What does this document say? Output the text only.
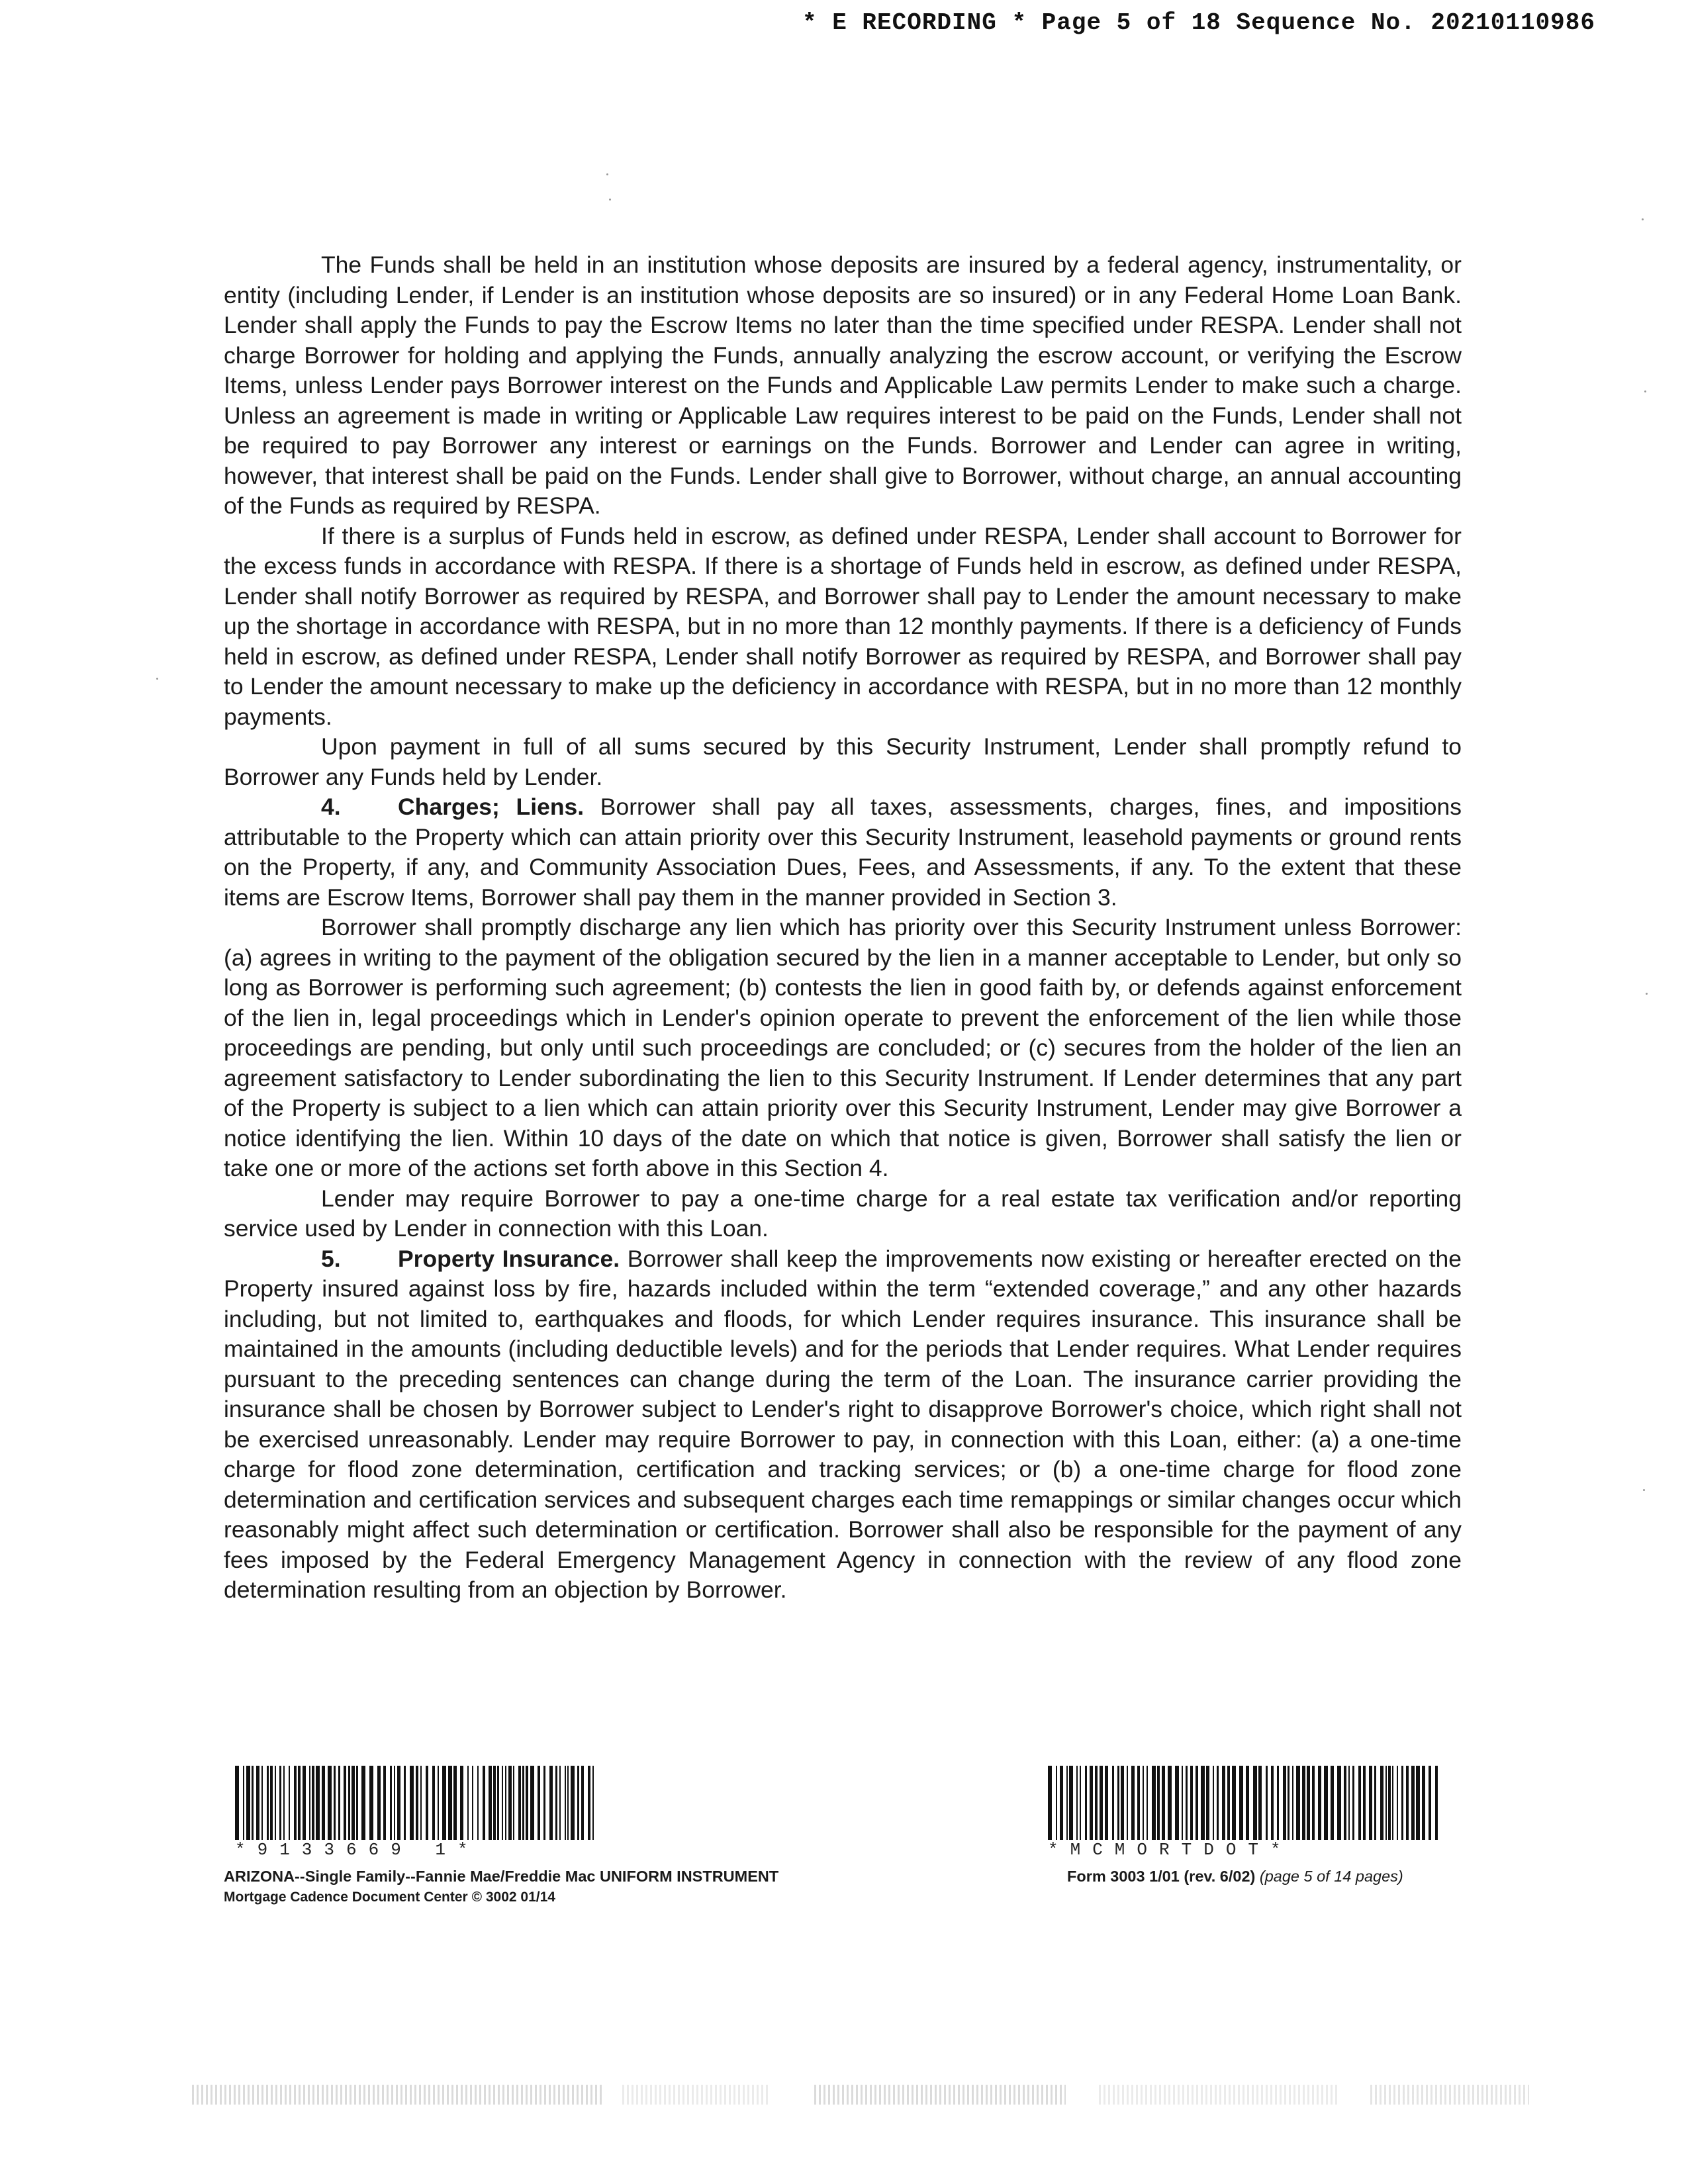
* E RECORDING * Page 5 of 18 Sequence No. 20210110986

The Funds shall be held in an institution whose deposits are insured by a federal agency, instrumentality, or entity (including Lender, if Lender is an institution whose deposits are so insured) or in any Federal Home Loan Bank. Lender shall apply the Funds to pay the Escrow Items no later than the time specified under RESPA. Lender shall not charge Borrower for holding and applying the Funds, annually analyzing the escrow account, or verifying the Escrow Items, unless Lender pays Borrower interest on the Funds and Applicable Law permits Lender to make such a charge. Unless an agreement is made in writing or Applicable Law requires interest to be paid on the Funds, Lender shall not be required to pay Borrower any interest or earnings on the Funds. Borrower and Lender can agree in writing, however, that interest shall be paid on the Funds. Lender shall give to Borrower, without charge, an annual accounting of the Funds as required by RESPA.

If there is a surplus of Funds held in escrow, as defined under RESPA, Lender shall account to Borrower for the excess funds in accordance with RESPA. If there is a shortage of Funds held in escrow, as defined under RESPA, Lender shall notify Borrower as required by RESPA, and Borrower shall pay to Lender the amount necessary to make up the shortage in accordance with RESPA, but in no more than 12 monthly payments. If there is a deficiency of Funds held in escrow, as defined under RESPA, Lender shall notify Borrower as required by RESPA, and Borrower shall pay to Lender the amount necessary to make up the deficiency in accordance with RESPA, but in no more than 12 monthly payments.

Upon payment in full of all sums secured by this Security Instrument, Lender shall promptly refund to Borrower any Funds held by Lender.

4. Charges; Liens. Borrower shall pay all taxes, assessments, charges, fines, and impositions attributable to the Property which can attain priority over this Security Instrument, leasehold payments or ground rents on the Property, if any, and Community Association Dues, Fees, and Assessments, if any. To the extent that these items are Escrow Items, Borrower shall pay them in the manner provided in Section 3.

Borrower shall promptly discharge any lien which has priority over this Security Instrument unless Borrower: (a) agrees in writing to the payment of the obligation secured by the lien in a manner acceptable to Lender, but only so long as Borrower is performing such agreement; (b) contests the lien in good faith by, or defends against enforcement of the lien in, legal proceedings which in Lender's opinion operate to prevent the enforcement of the lien while those proceedings are pending, but only until such proceedings are concluded; or (c) secures from the holder of the lien an agreement satisfactory to Lender subordinating the lien to this Security Instrument. If Lender determines that any part of the Property is subject to a lien which can attain priority over this Security Instrument, Lender may give Borrower a notice identifying the lien. Within 10 days of the date on which that notice is given, Borrower shall satisfy the lien or take one or more of the actions set forth above in this Section 4.

Lender may require Borrower to pay a one-time charge for a real estate tax verification and/or reporting service used by Lender in connection with this Loan.

5. Property Insurance. Borrower shall keep the improvements now existing or hereafter erected on the Property insured against loss by fire, hazards included within the term “extended coverage,” and any other hazards including, but not limited to, earthquakes and floods, for which Lender requires insurance. This insurance shall be maintained in the amounts (including deductible levels) and for the periods that Lender requires. What Lender requires pursuant to the preceding sentences can change during the term of the Loan. The insurance carrier providing the insurance shall be chosen by Borrower subject to Lender's right to disapprove Borrower's choice, which right shall not be exercised unreasonably. Lender may require Borrower to pay, in connection with this Loan, either: (a) a one-time charge for flood zone determination, certification and tracking services; or (b) a one-time charge for flood zone determination and certification services and subsequent charges each time remappings or similar changes occur which reasonably might affect such determination or certification. Borrower shall also be responsible for the payment of any fees imposed by the Federal Emergency Management Agency in connection with the review of any flood zone determination resulting from an objection by Borrower.

*9133669 1*	*MCMORTDOT*
ARIZONA--Single Family--Fannie Mae/Freddie Mac UNIFORM INSTRUMENT
Mortgage Cadence Document Center © 3002 01/14
Form 3003 1/01 (rev. 6/02) (page 5 of 14 pages)
